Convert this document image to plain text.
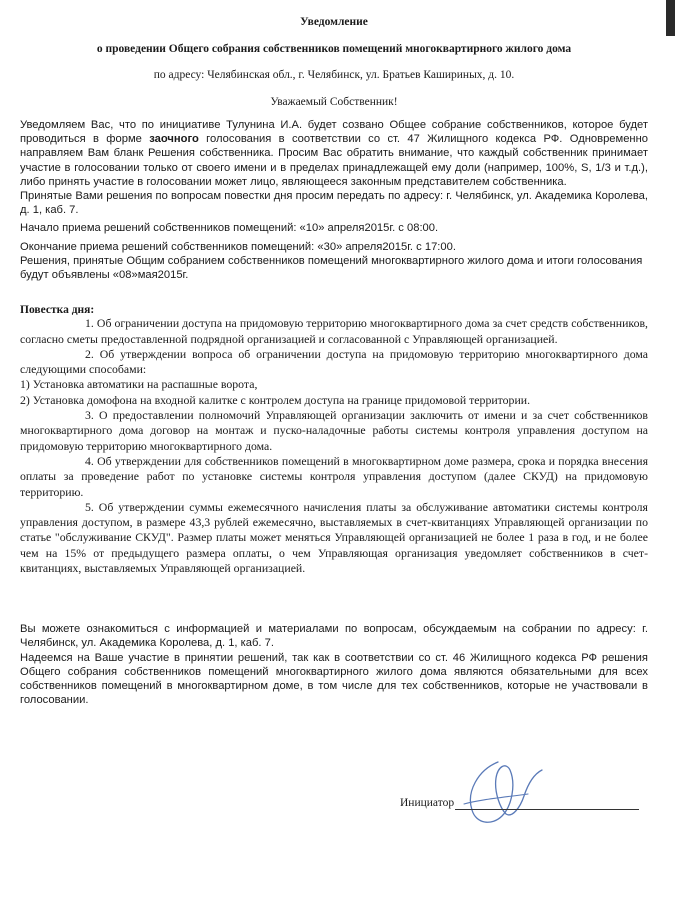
Уведомление

о проведении Общего собрания собственников помещений многоквартирного жилого дома

по адресу: Челябинская обл., г. Челябинск, ул. Братьев Кашириных, д. 10.

Уважаемый Собственник!

Уведомляем Вас, что по инициативе Тулунина И.А. будет созвано Общее собрание собственников, которое будет проводиться в форме заочного голосования в соответствии со ст. 47 Жилищного кодекса РФ. Одновременно направляем Вам бланк Решения собственника. Просим Вас обратить внимание, что каждый собственник принимает участие в голосовании только от своего имени и в пределах принадлежащей ему доли (например, 100%, S, 1/3 и т.д.), либо принять участие в голосовании может лицо, являющееся законным представителем собственника.

Принятые Вами решения по вопросам повестки дня просим передать по адресу: г. Челябинск, ул. Академика Королева, д. 1, каб. 7.

Начало приема решений собственников помещений: «10» апреля2015г. с 08:00.

Окончание приема решений собственников помещений: «30» апреля2015г. с 17:00.

Решения, принятые Общим собранием собственников помещений многоквартирного жилого дома и итоги голосования будут объявлены «08»мая2015г.

Повестка дня:

1. Об ограничении доступа на придомовую территорию многоквартирного дома за счет средств собственников, согласно сметы предоставленной подрядной организацией и согласованной с Управляющей организацией.

2. Об утверждении вопроса об ограничении доступа на придомовую территорию многоквартирного дома следующими способами:

1) Установка автоматики на распашные ворота,

2) Установка домофона на входной калитке с контролем доступа на границе придомовой территории.

3. О предоставлении полномочий Управляющей организации заключить от имени и за счет собственников многоквартирного дома договор на монтаж и пуско-наладочные работы системы контроля управления доступом на придомовую территорию многоквартирного дома.

4. Об утверждении для собственников помещений в многоквартирном доме размера, срока и порядка внесения оплаты за проведение работ по установке системы контроля управления доступом (далее СКУД) на придомовую территорию.

5. Об утверждении суммы ежемесячного начисления платы за обслуживание автоматики системы контроля управления доступом, в размере 43,3 рублей ежемесячно, выставляемых в счет-квитанциях Управляющей организации по статье "обслуживание СКУД". Размер платы может меняться Управляющей организацией не более 1 раза в год, и не более чем на 15% от предыдущего размера оплаты, о чем Управляющая организация уведомляет собственников в счет-квитанциях, выставляемых Управляющей организацией.

Вы можете ознакомиться с информацией и материалами по вопросам, обсуждаемым на собрании по адресу: г. Челябинск, ул. Академика Королева, д. 1, каб. 7.

Надеемся на Ваше участие в принятии решений, так как в соответствии со ст. 46 Жилищного кодекса РФ решения Общего собрания собственников помещений многоквартирного жилого дома являются обязательными для всех собственников помещений в многоквартирном доме, в том числе для тех собственников, которые не участвовали в голосовании.

Инициатор
